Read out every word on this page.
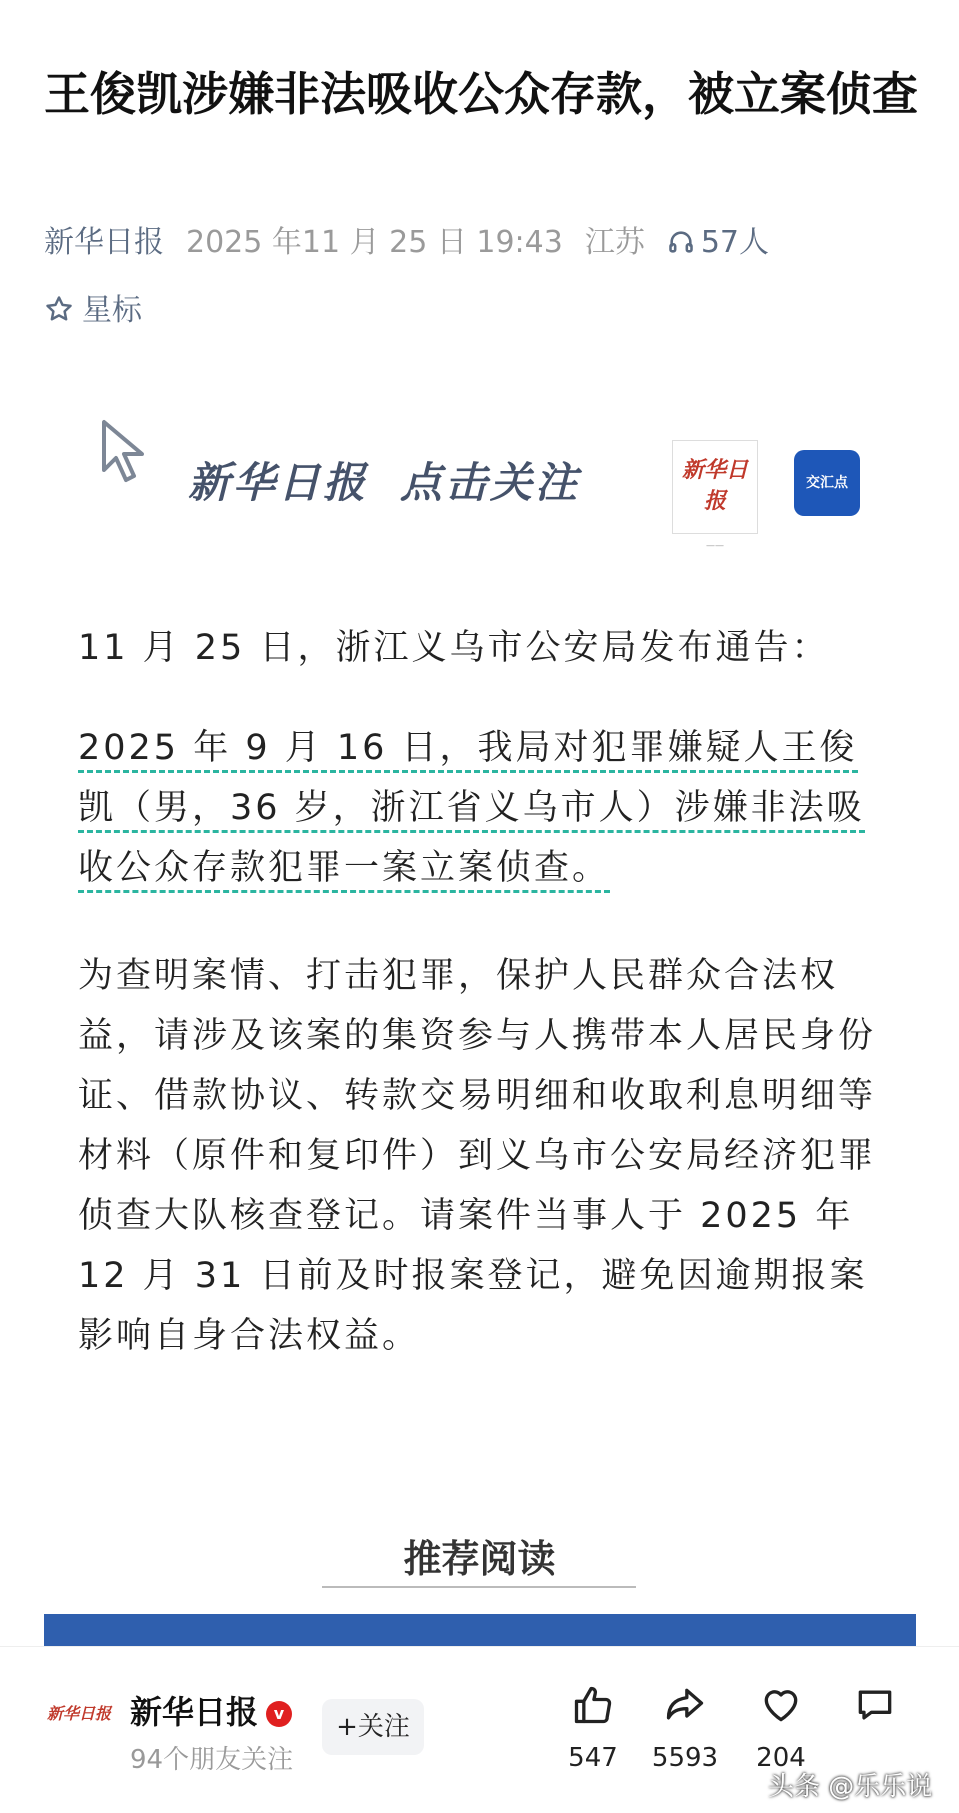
王俊凯涉嫌非法吸收公众存款，被立案侦查
新华日报 2025 年11 月 25 日 19:43 江苏 57人
星标
新华日报 点击关注	新华日报
——
交汇点

11 月 25 日，浙江义乌市公安局发布通告：

2025 年 9 月 16 日，我局对犯罪嫌疑人王俊凯（男，36 岁，浙江省义乌市人）涉嫌非法吸收公众存款犯罪一案立案侦查。

为查明案情、打击犯罪，保护人民群众合法权益，请涉及该案的集资参与人携带本人居民身份证、借款协议、转款交易明细和收取利息明细等材料（原件和复印件）到义乌市公安局经济犯罪侦查大队核查登记。请案件当事人于 2025 年 12 月 31 日前及时报案登记，避免因逾期报案影响自身合法权益。

推荐阅读
新华日报 新华日报 v
94个朋友关注
+关注
547	5593	204
头条 @乐乐说
